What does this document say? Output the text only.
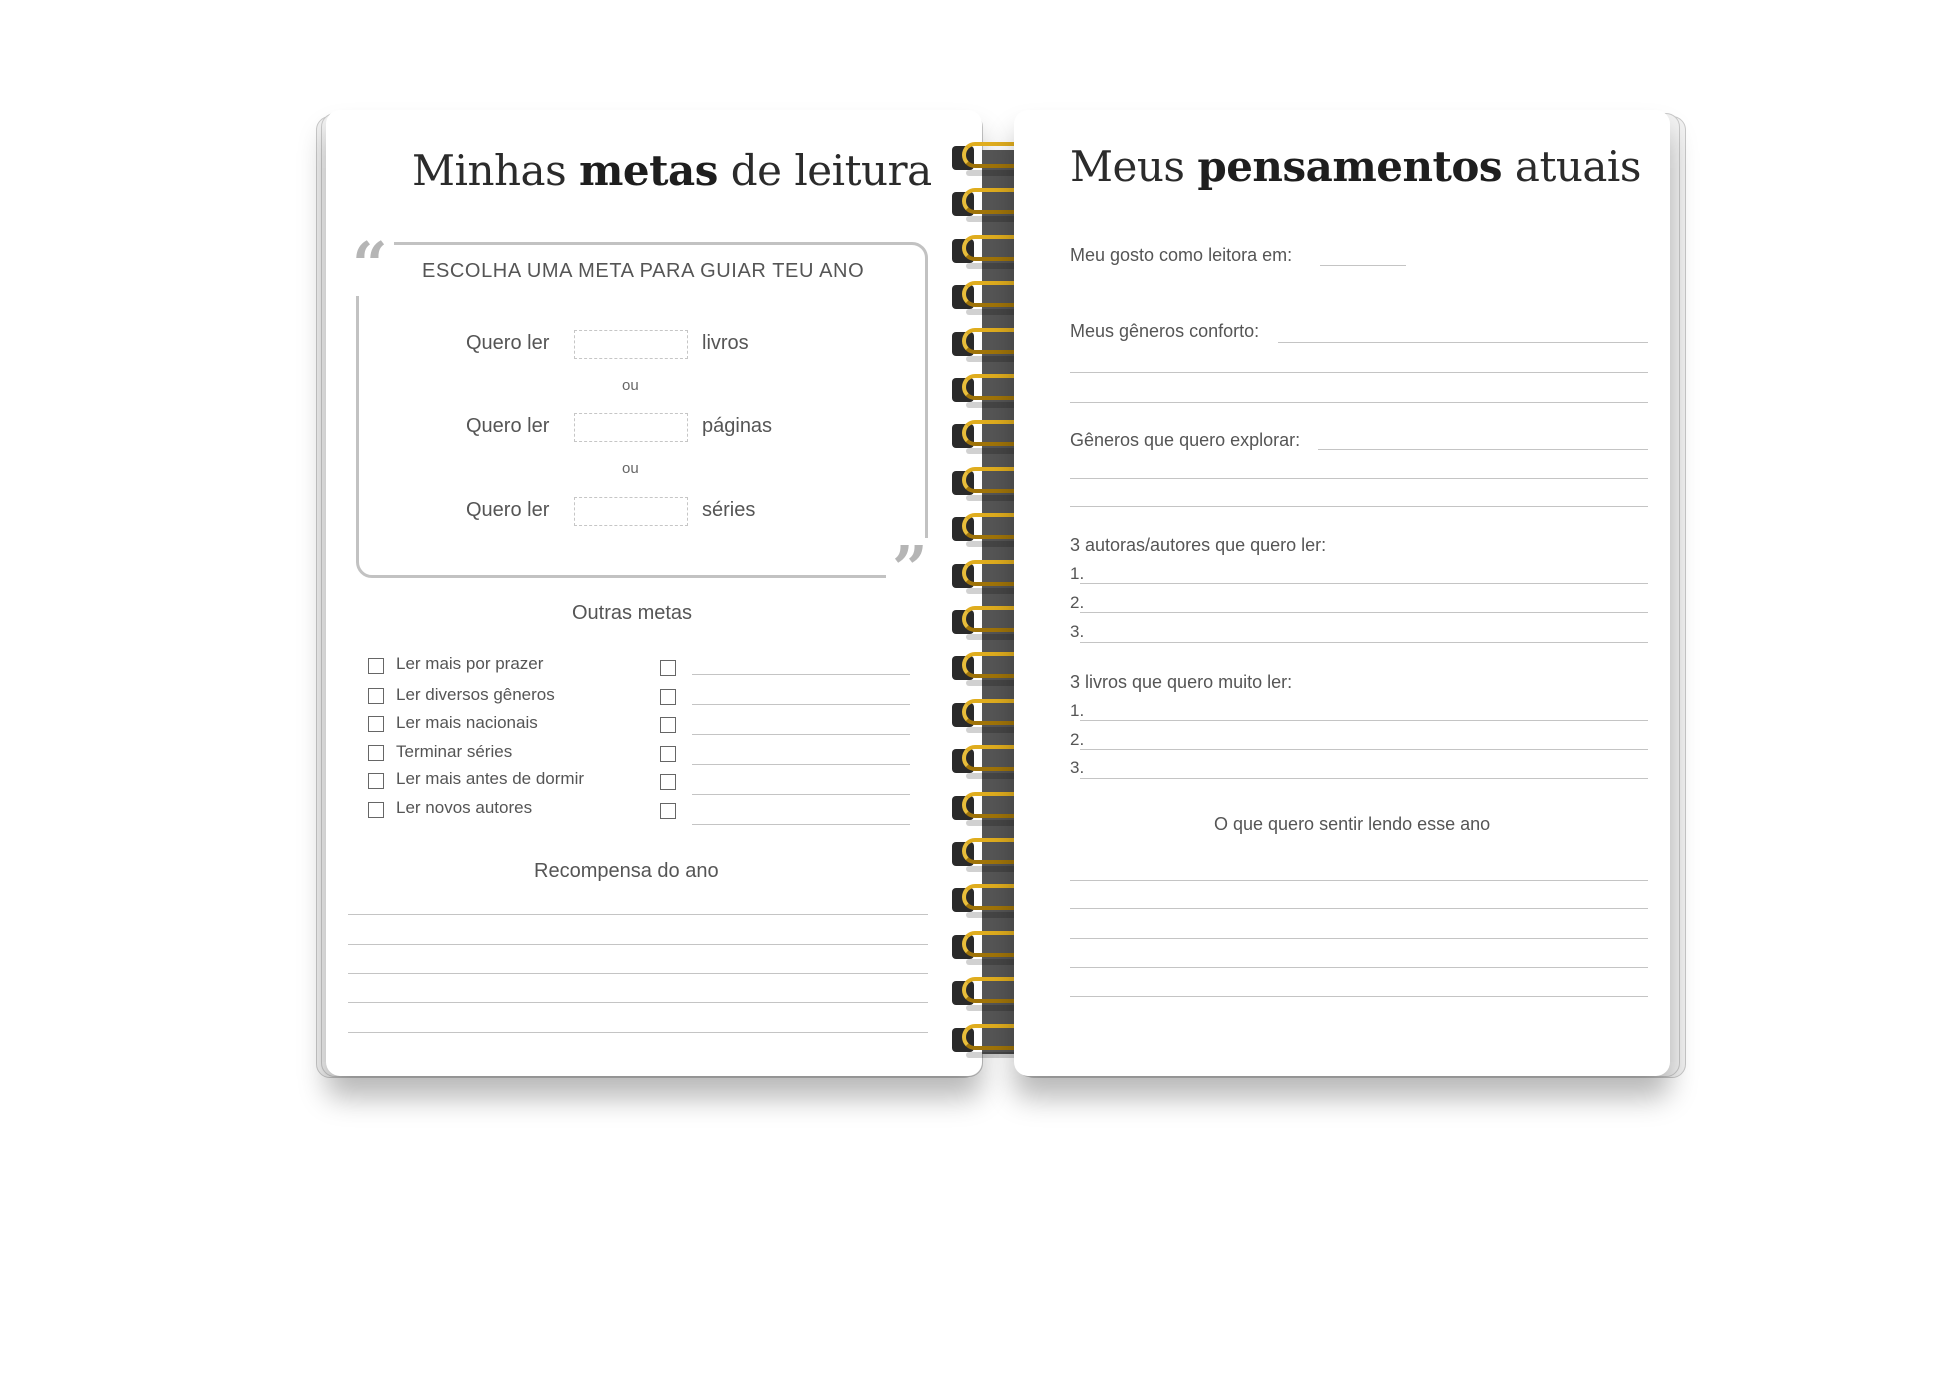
Minhas metas de leitura
“
”
ESCOLHA UMA META PARA GUIAR TEU ANO
Quero ler	livros
ou
Quero ler	páginas
ou
Quero ler	séries
Outras metas
Ler mais por prazer
Ler diversos gêneros
Ler mais nacionais
Terminar séries
Ler mais antes de dormir
Ler novos autores
Recompensa do ano
Meus pensamentos atuais
Meu gosto como leitora em:
Meus gêneros conforto:
Gêneros que quero explorar:
3 autoras/autores que quero ler:
1.
2.
3.
3 livros que quero muito ler:
1.
2.
3.
O que quero sentir lendo esse ano
